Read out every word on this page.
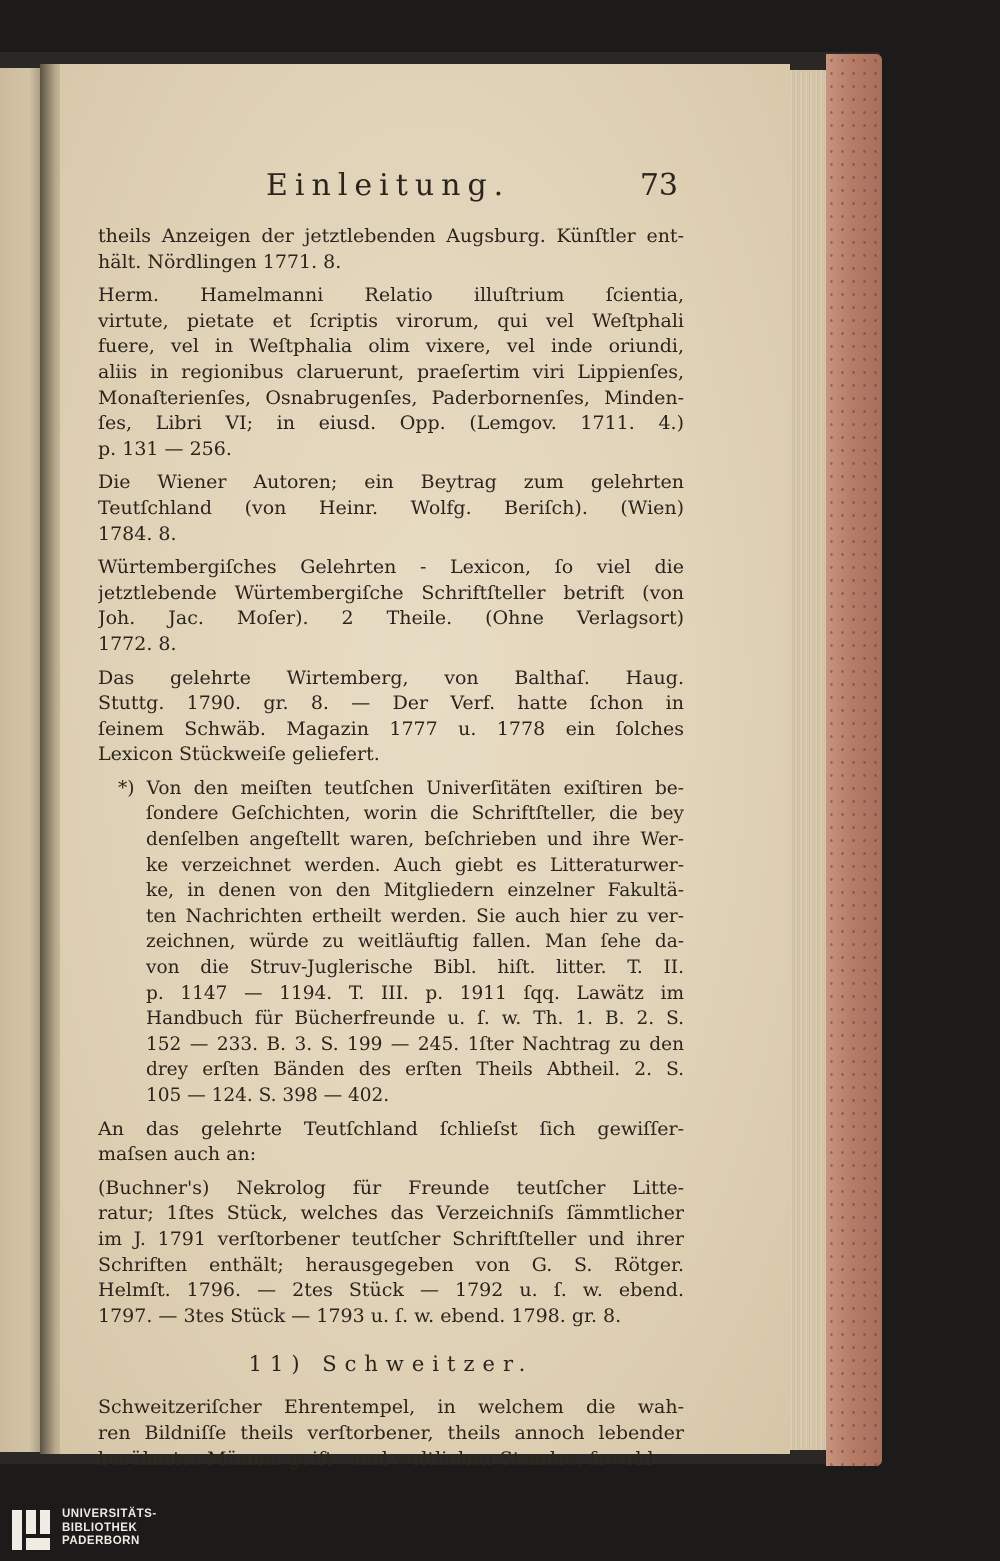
Einleitung.	73
theils Anzeigen der jetztlebenden Augsburg. Künſtler ent-
hält. Nördlingen 1771. 8.
Herm. Hamelmanni Relatio illuſtrium ſcientia,
virtute, pietate et ſcriptis virorum, qui vel Weſtphali
fuere, vel in Weſtphalia olim vixere, vel inde oriundi,
aliis in regionibus claruerunt, praeſertim viri Lippienſes,
Monaſterienſes, Osnabrugenſes, Paderbornenſes, Minden-
ſes, Libri VI; in eiusd. Opp. (Lemgov. 1711. 4.)
p. 131 — 256.
Die Wiener Autoren; ein Beytrag zum gelehrten
Teutſchland (von Heinr. Wolfg. Beriſch). (Wien)
1784. 8.
Würtembergiſches Gelehrten - Lexicon, ſo viel die
jetztlebende Würtembergiſche Schriftſteller betrift (von
Joh. Jac. Moſer). 2 Theile. (Ohne Verlagsort)
1772. 8.
Das gelehrte Wirtemberg, von Balthaſ. Haug.
Stuttg. 1790. gr. 8. — Der Verf. hatte ſchon in
ſeinem Schwäb. Magazin 1777 u. 1778 ein ſolches
Lexicon Stückweiſe geliefert.
*) Von den meiſten teutſchen Univerſitäten exiſtiren be-
ſondere Geſchichten, worin die Schriftſteller, die bey
denſelben angeſtellt waren, beſchrieben und ihre Wer-
ke verzeichnet werden. Auch giebt es Litteraturwer-
ke, in denen von den Mitgliedern einzelner Fakultä-
ten Nachrichten ertheilt werden. Sie auch hier zu ver-
zeichnen, würde zu weitläuftig fallen. Man ſehe da-
von die Struv-Juglerische Bibl. hiſt. litter. T. II.
p. 1147 — 1194. T. III. p. 1911 ſqq. Lawätz im
Handbuch für Bücherfreunde u. ſ. w. Th. 1. B. 2. S.
152 — 233. B. 3. S. 199 — 245. 1ſter Nachtrag zu den
drey erſten Bänden des erſten Theils Abtheil. 2. S.
105 — 124. S. 398 — 402.
An das gelehrte Teutſchland ſchlieſst ſich gewiſſer-
maſsen auch an:
(Buchner's) Nekrolog für Freunde teutſcher Litte-
ratur; 1ſtes Stück, welches das Verzeichniſs ſämmtlicher
im J. 1791 verſtorbener teutſcher Schriftſteller und ihrer
Schriften enthält; herausgegeben von G. S. Rötger.
Helmſt. 1796. — 2tes Stück — 1792 u. ſ. w. ebend.
1797. — 3tes Stück — 1793 u. ſ. w. ebend. 1798. gr. 8.
11) Schweitzer.
Schweitzeriſcher Ehrentempel, in welchem die wah-
ren Bildniſſe theils verſtorbener, theils annoch lebender
berühmter Männer geiſt - und weltlichen Standes, ſowohl
UNIVERSITÄTS-
BIBLIOTHEK
PADERBORN
